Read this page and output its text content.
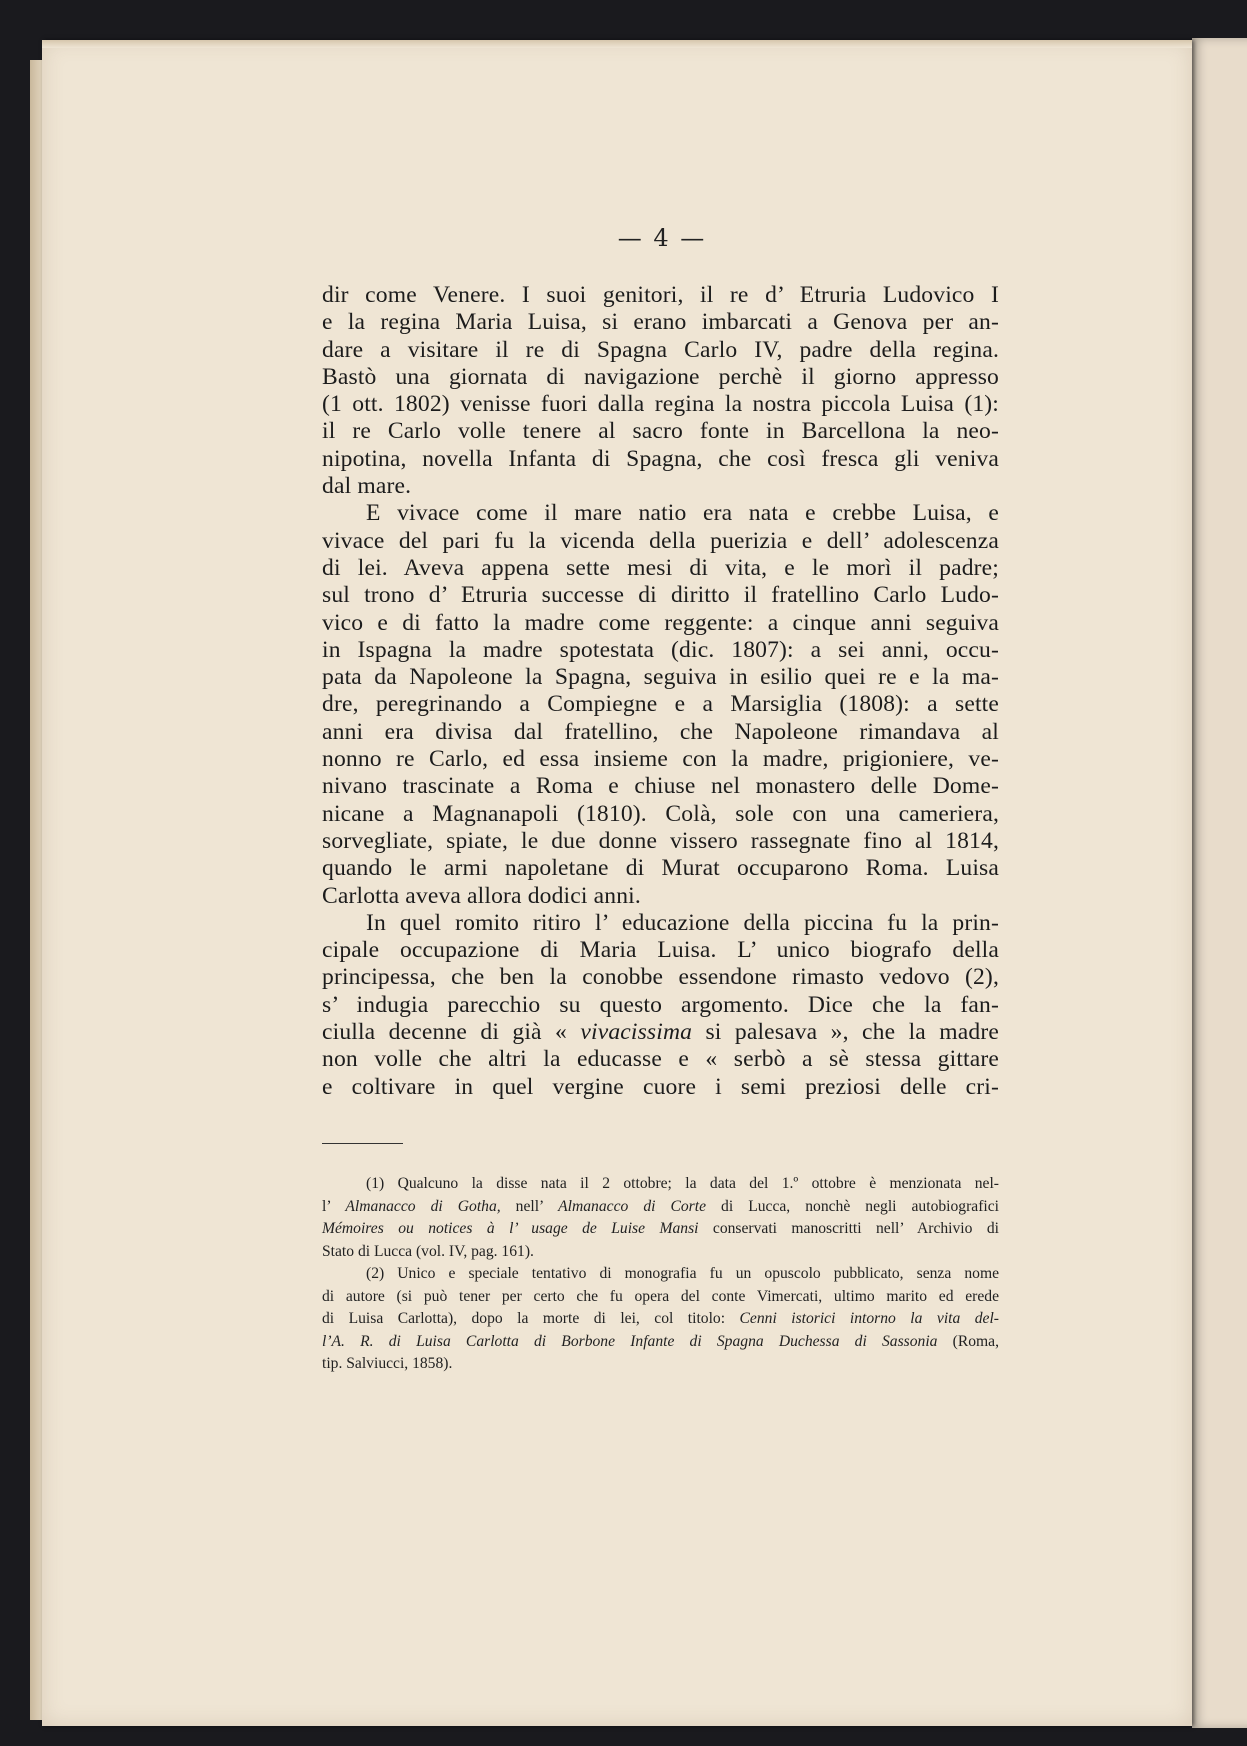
— 4 —
dir come Venere. I suoi genitori, il re d’ Etruria Ludovico I
e la regina Maria Luisa, si erano imbarcati a Genova per an-
dare a visitare il re di Spagna Carlo IV, padre della regina.
Bastò una giornata di navigazione perchè il giorno appresso
(1 ott. 1802) venisse fuori dalla regina la nostra piccola Luisa (1):
il re Carlo volle tenere al sacro fonte in Barcellona la neo-
nipotina, novella Infanta di Spagna, che così fresca gli veniva
dal mare.
E vivace come il mare natio era nata e crebbe Luisa, e
vivace del pari fu la vicenda della puerizia e dell’ adolescenza
di lei. Aveva appena sette mesi di vita, e le morì il padre;
sul trono d’ Etruria successe di diritto il fratellino Carlo Ludo-
vico e di fatto la madre come reggente: a cinque anni seguiva
in Ispagna la madre spotestata (dic. 1807): a sei anni, occu-
pata da Napoleone la Spagna, seguiva in esilio quei re e la ma-
dre, peregrinando a Compiegne e a Marsiglia (1808): a sette
anni era divisa dal fratellino, che Napoleone rimandava al
nonno re Carlo, ed essa insieme con la madre, prigioniere, ve-
nivano trascinate a Roma e chiuse nel monastero delle Dome-
nicane a Magnanapoli (1810). Colà, sole con una cameriera,
sorvegliate, spiate, le due donne vissero rassegnate fino al 1814,
quando le armi napoletane di Murat occuparono Roma. Luisa
Carlotta aveva allora dodici anni.
In quel romito ritiro l’ educazione della piccina fu la prin-
cipale occupazione di Maria Luisa. L’ unico biografo della
principessa, che ben la conobbe essendone rimasto vedovo (2),
s’ indugia parecchio su questo argomento. Dice che la fan-
ciulla decenne di già « vivacissima si palesava », che la madre
non volle che altri la educasse e « serbò a sè stessa gittare
e coltivare in quel vergine cuore i semi preziosi delle cri-
(1) Qualcuno la disse nata il 2 ottobre; la data del 1.º ottobre è menzionata nel-
l’ Almanacco di Gotha, nell’ Almanacco di Corte di Lucca, nonchè negli autobiografici
Mémoires ou notices à l’ usage de Luise Mansi conservati manoscritti nell’ Archivio di
Stato di Lucca (vol. IV, pag. 161).
(2) Unico e speciale tentativo di monografia fu un opuscolo pubblicato, senza nome
di autore (si può tener per certo che fu opera del conte Vimercati, ultimo marito ed erede
di Luisa Carlotta), dopo la morte di lei, col titolo: Cenni istorici intorno la vita del-
l’A. R. di Luisa Carlotta di Borbone Infante di Spagna Duchessa di Sassonia (Roma,
tip. Salviucci, 1858).
